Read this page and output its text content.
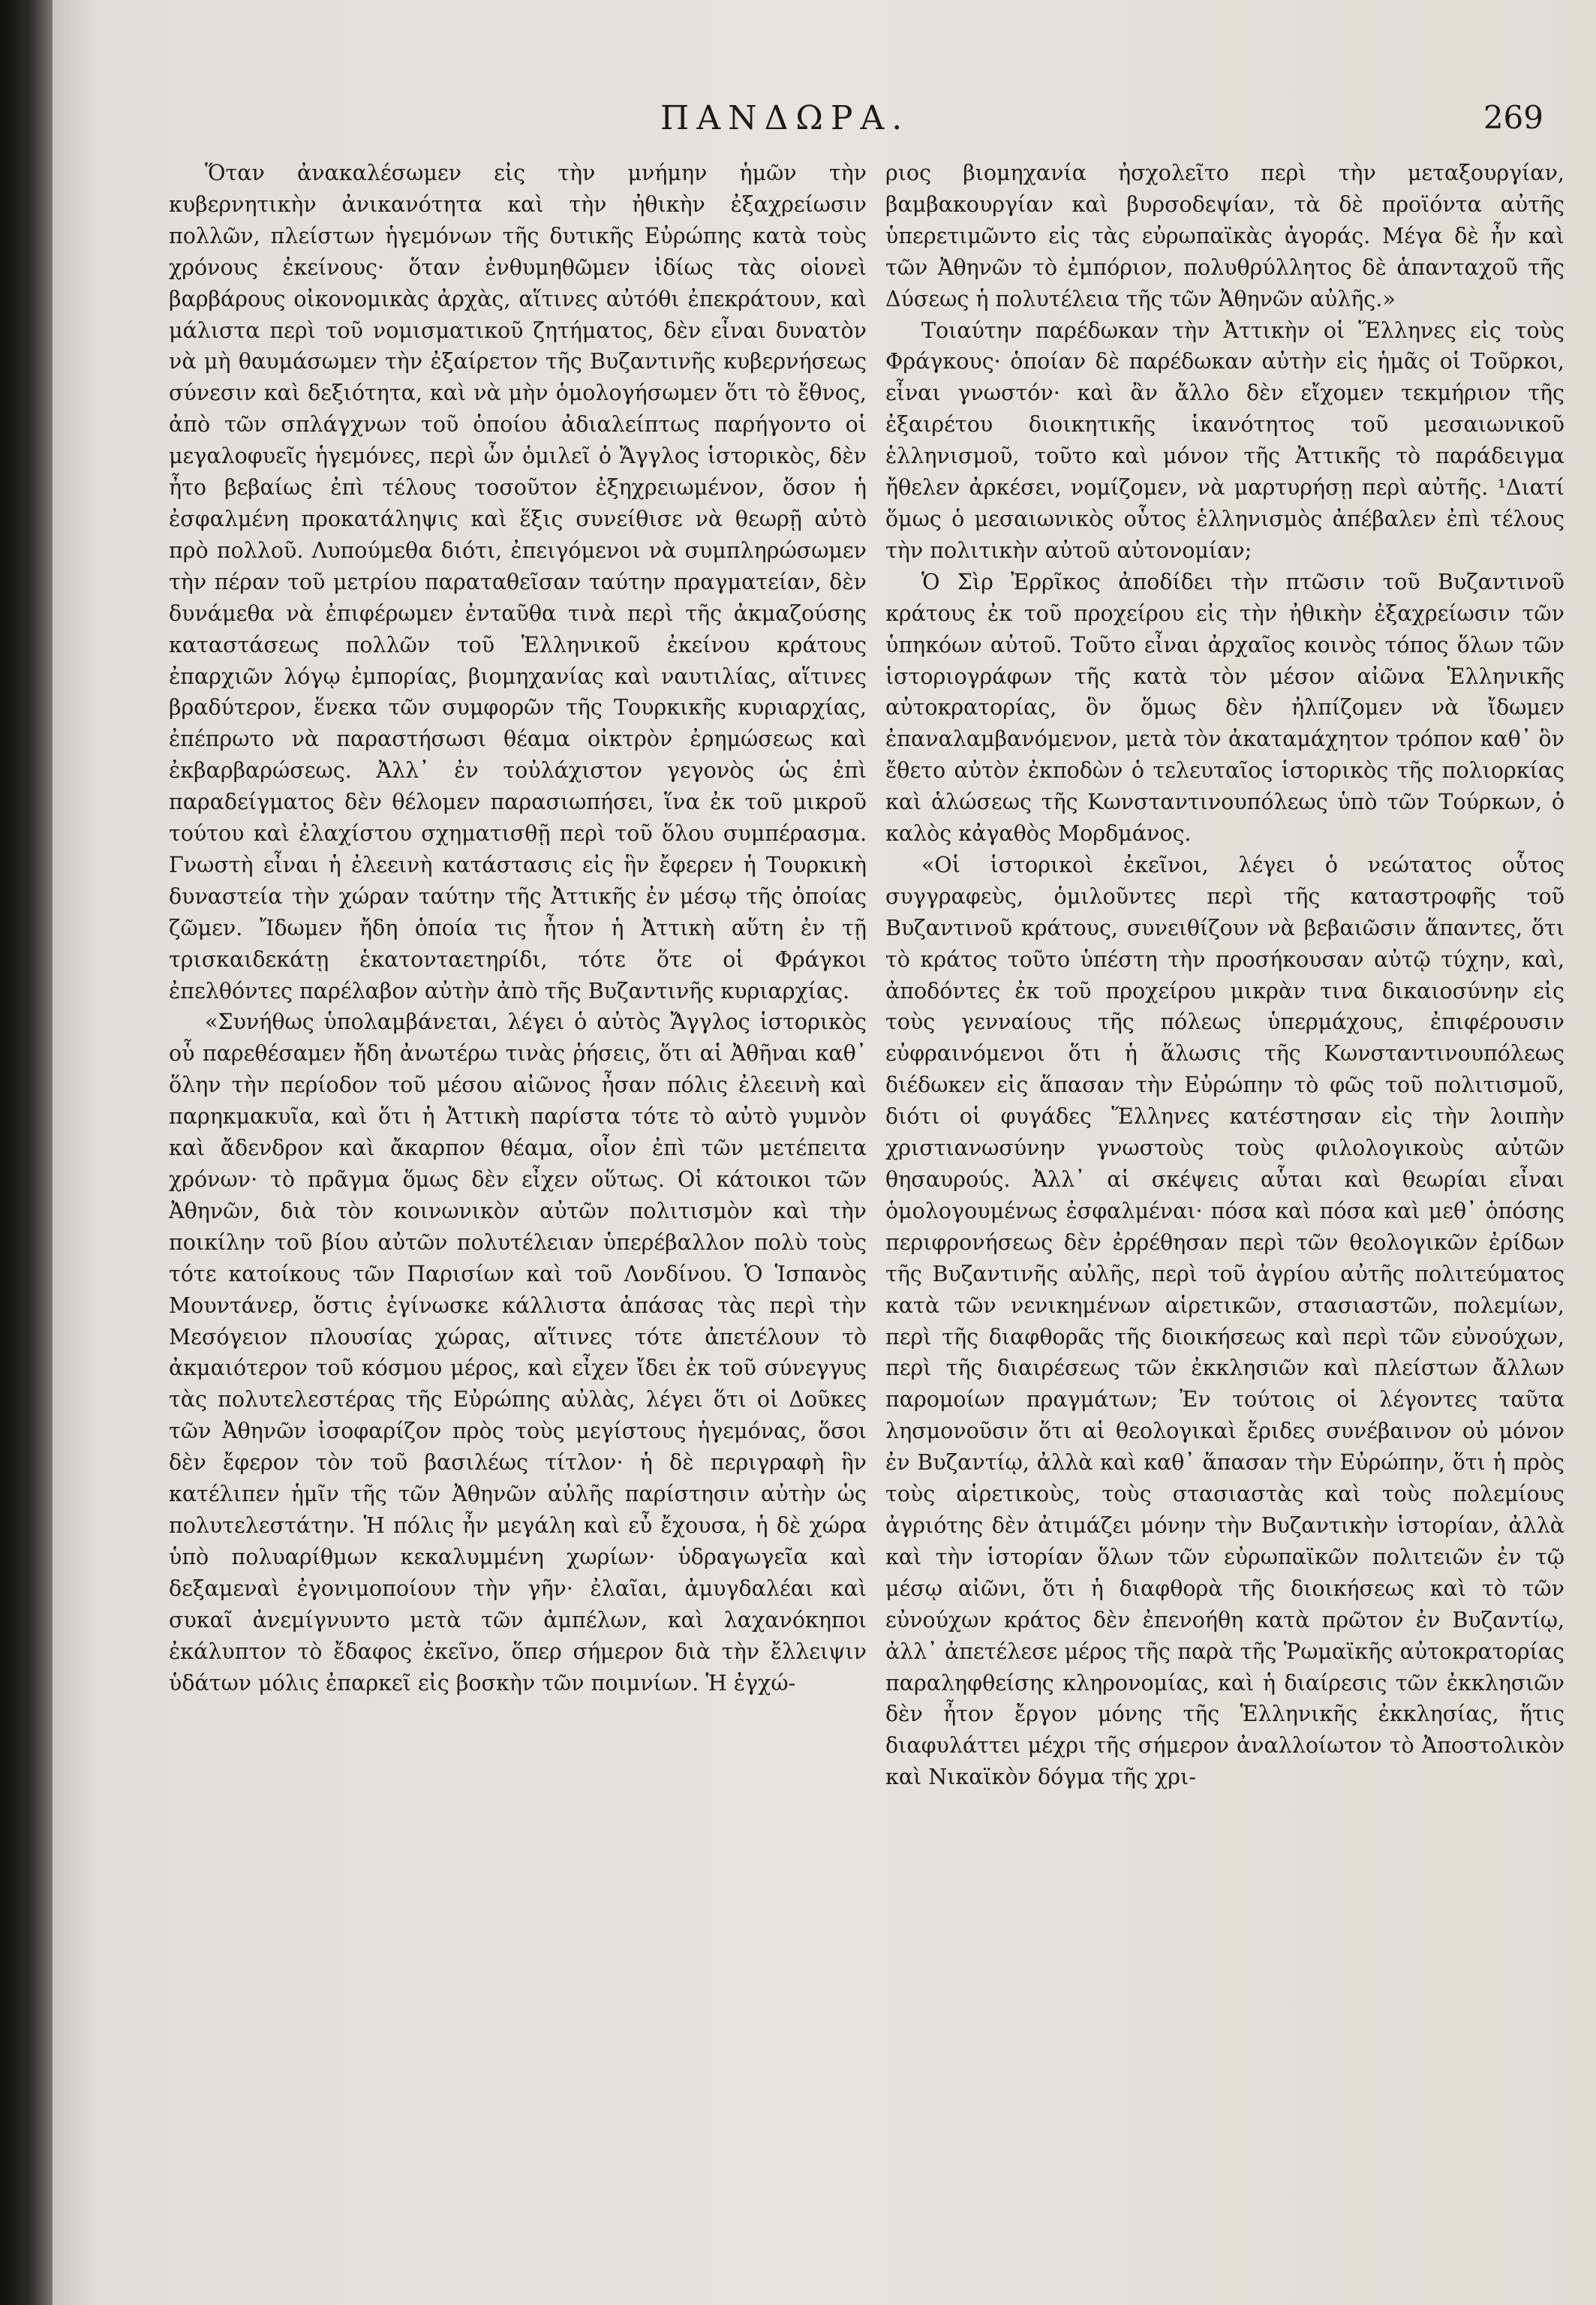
ΠΑΝΔΩΡΑ.	269

Ὅταν ἀνακαλέσωμεν εἰς τὴν μνήμην ἡμῶν τὴν κυβερνητικὴν ἀνικανότητα καὶ τὴν ἠθικὴν ἐξαχρείωσιν πολλῶν, πλείστων ἡγεμόνων τῆς δυτικῆς Εὐρώπης κατὰ τοὺς χρόνους ἐκείνους· ὅταν ἐνθυμηθῶμεν ἰδίως τὰς οἱονεὶ βαρβάρους οἰκονομικὰς ἀρχὰς, αἵτινες αὐτόθι ἐπεκράτουν, καὶ μάλιστα περὶ τοῦ νομισματικοῦ ζητήματος, δὲν εἶναι δυνατὸν νὰ μὴ θαυμάσωμεν τὴν ἐξαίρετον τῆς Βυζαντινῆς κυβερνήσεως σύνεσιν καὶ δεξιότητα, καὶ νὰ μὴν ὁμολογήσωμεν ὅτι τὸ ἔθνος, ἀπὸ τῶν σπλάγχνων τοῦ ὁποίου ἀδιαλείπτως παρήγοντο οἱ μεγαλοφυεῖς ἡγεμόνες, περὶ ὧν ὁμιλεῖ ὁ Ἄγγλος ἱστορικὸς, δὲν ἦτο βεβαίως ἐπὶ τέλους τοσοῦτον ἐξηχρειωμένον, ὅσον ἡ ἐσφαλμένη προκατάληψις καὶ ἕξις συνείθισε νὰ θεωρῇ αὐτὸ πρὸ πολλοῦ. Λυπούμεθα διότι, ἐπειγόμενοι νὰ συμπληρώσωμεν τὴν πέραν τοῦ μετρίου παραταθεῖσαν ταύτην πραγματείαν, δὲν δυνάμεθα νὰ ἐπιφέρωμεν ἐνταῦθα τινὰ περὶ τῆς ἀκμαζούσης καταστάσεως πολλῶν τοῦ Ἑλληνικοῦ ἐκείνου κράτους ἐπαρχιῶν λόγῳ ἐμπορίας, βιομηχανίας καὶ ναυτιλίας, αἵτινες βραδύτερον, ἕνεκα τῶν συμφορῶν τῆς Τουρκικῆς κυριαρχίας, ἐπέπρωτο νὰ παραστήσωσι θέαμα οἰκτρὸν ἐρημώσεως καὶ ἐκβαρβαρώσεως. Ἀλλ᾽ ἐν τοὐλάχιστον γεγονὸς ὡς ἐπὶ παραδείγματος δὲν θέλομεν παρασιωπήσει, ἵνα ἐκ τοῦ μικροῦ τούτου καὶ ἐλαχίστου σχηματισθῇ περὶ τοῦ ὅλου συμπέρασμα. Γνωστὴ εἶναι ἡ ἐλεεινὴ κατάστασις εἰς ἣν ἔφερεν ἡ Τουρκικὴ δυναστεία τὴν χώραν ταύτην τῆς Ἀττικῆς ἐν μέσῳ τῆς ὁποίας ζῶμεν. Ἴδωμεν ἤδη ὁποία τις ἦτον ἡ Ἀττικὴ αὕτη ἐν τῇ τρισκαιδεκάτῃ ἑκατονταετηρίδι, τότε ὅτε οἱ Φράγκοι ἐπελθόντες παρέλαβον αὐτὴν ἀπὸ τῆς Βυζαντινῆς κυριαρχίας.

«Συνήθως ὑπολαμβάνεται, λέγει ὁ αὐτὸς Ἄγγλος ἱστορικὸς οὗ παρεθέσαμεν ἤδη ἀνωτέρω τινὰς ῥήσεις, ὅτι αἱ Ἀθῆναι καθ᾽ ὅλην τὴν περίοδον τοῦ μέσου αἰῶνος ἦσαν πόλις ἐλεεινὴ καὶ παρηκμακυῖα, καὶ ὅτι ἡ Ἀττικὴ παρίστα τότε τὸ αὐτὸ γυμνὸν καὶ ἄδενδρον καὶ ἄκαρπον θέαμα, οἷον ἐπὶ τῶν μετέπειτα χρόνων· τὸ πρᾶγμα ὅμως δὲν εἶχεν οὕτως. Οἱ κάτοικοι τῶν Ἀθηνῶν, διὰ τὸν κοινωνικὸν αὐτῶν πολιτισμὸν καὶ τὴν ποικίλην τοῦ βίου αὐτῶν πολυτέλειαν ὑπερέβαλλον πολὺ τοὺς τότε κατοίκους τῶν Παρισίων καὶ τοῦ Λονδίνου. Ὁ Ἱσπανὸς Μουντάνερ, ὅστις ἐγίνωσκε κάλλιστα ἁπάσας τὰς περὶ τὴν Μεσόγειον πλουσίας χώρας, αἵτινες τότε ἀπετέλουν τὸ ἀκμαιότερον τοῦ κόσμου μέρος, καὶ εἶχεν ἴδει ἐκ τοῦ σύνεγγυς τὰς πολυτελεστέρας τῆς Εὐρώπης αὐλὰς, λέγει ὅτι οἱ Δοῦκες τῶν Ἀθηνῶν ἰσοφαρίζον πρὸς τοὺς μεγίστους ἡγεμόνας, ὅσοι δὲν ἔφερον τὸν τοῦ βασιλέως τίτλον· ἡ δὲ περιγραφὴ ἣν κατέλιπεν ἡμῖν τῆς τῶν Ἀθηνῶν αὐλῆς παρίστησιν αὐτὴν ὡς πολυτελεστάτην. Ἡ πόλις ἦν μεγάλη καὶ εὖ ἔχουσα, ἡ δὲ χώρα ὑπὸ πολυαρίθμων κεκαλυμμένη χωρίων· ὑδραγωγεῖα καὶ δεξαμεναὶ ἐγονιμοποίουν τὴν γῆν· ἐλαῖαι, ἀμυγδαλέαι καὶ συκαῖ ἀνεμίγνυντο μετὰ τῶν ἀμπέλων, καὶ λαχανόκηποι ἐκάλυπτον τὸ ἔδαφος ἐκεῖνο, ὅπερ σήμερον διὰ τὴν ἔλλειψιν ὑδάτων μόλις ἐπαρκεῖ εἰς βοσκὴν τῶν ποιμνίων. Ἡ ἐγχώ-

ριος βιομηχανία ἠσχολεῖτο περὶ τὴν μεταξουργίαν, βαμβακουργίαν καὶ βυρσοδεψίαν, τὰ δὲ προϊόντα αὐτῆς ὑπερετιμῶντο εἰς τὰς εὐρωπαϊκὰς ἀγοράς. Μέγα δὲ ἦν καὶ τῶν Ἀθηνῶν τὸ ἐμπόριον, πολυθρύλλητος δὲ ἁπανταχοῦ τῆς Δύσεως ἡ πολυτέλεια τῆς τῶν Ἀθηνῶν αὐλῆς.»

Τοιαύτην παρέδωκαν τὴν Ἀττικὴν οἱ Ἕλληνες εἰς τοὺς Φράγκους· ὁποίαν δὲ παρέδωκαν αὐτὴν εἰς ἡμᾶς οἱ Τοῦρκοι, εἶναι γνωστόν· καὶ ἂν ἄλλο δὲν εἴχομεν τεκμήριον τῆς ἐξαιρέτου διοικητικῆς ἱκανότητος τοῦ μεσαιωνικοῦ ἑλληνισμοῦ, τοῦτο καὶ μόνον τῆς Ἀττικῆς τὸ παράδειγμα ἤθελεν ἀρκέσει, νομίζομεν, νὰ μαρτυρήσῃ περὶ αὐτῆς. ¹Διατί ὅμως ὁ μεσαιωνικὸς οὗτος ἑλληνισμὸς ἀπέβαλεν ἐπὶ τέλους τὴν πολιτικὴν αὐτοῦ αὐτονομίαν;

Ὁ Σὶρ Ἐρρῖκος ἀποδίδει τὴν πτῶσιν τοῦ Βυζαντινοῦ κράτους ἐκ τοῦ προχείρου εἰς τὴν ἠθικὴν ἐξαχρείωσιν τῶν ὑπηκόων αὐτοῦ. Τοῦτο εἶναι ἀρχαῖος κοινὸς τόπος ὅλων τῶν ἱστοριογράφων τῆς κατὰ τὸν μέσον αἰῶνα Ἑλληνικῆς αὐτοκρατορίας, ὃν ὅμως δὲν ἠλπίζομεν νὰ ἴδωμεν ἐπαναλαμβανόμενον, μετὰ τὸν ἀκαταμάχητον τρόπον καθ᾽ ὃν ἔθετο αὐτὸν ἐκποδὼν ὁ τελευταῖος ἱστορικὸς τῆς πολιορκίας καὶ ἁλώσεως τῆς Κωνσταντινουπόλεως ὑπὸ τῶν Τούρκων, ὁ καλὸς κἀγαθὸς Μορδμάνος.

«Οἱ ἱστορικοὶ ἐκεῖνοι, λέγει ὁ νεώτατος οὗτος συγγραφεὺς, ὁμιλοῦντες περὶ τῆς καταστροφῆς τοῦ Βυζαντινοῦ κράτους, συνειθίζουν νὰ βεβαιῶσιν ἅπαντες, ὅτι τὸ κράτος τοῦτο ὑπέστη τὴν προσήκουσαν αὐτῷ τύχην, καὶ, ἀποδόντες ἐκ τοῦ προχείρου μικρὰν τινα δικαιοσύνην εἰς τοὺς γενναίους τῆς πόλεως ὑπερμάχους, ἐπιφέρουσιν εὐφραινόμενοι ὅτι ἡ ἅλωσις τῆς Κωνσταντινουπόλεως διέδωκεν εἰς ἅπασαν τὴν Εὐρώπην τὸ φῶς τοῦ πολιτισμοῦ, διότι οἱ φυγάδες Ἕλληνες κατέστησαν εἰς τὴν λοιπὴν χριστιανωσύνην γνωστοὺς τοὺς φιλολογικοὺς αὐτῶν θησαυρούς. Ἀλλ᾽ αἱ σκέψεις αὗται καὶ θεωρίαι εἶναι ὁμολογουμένως ἐσφαλμέναι· πόσα καὶ πόσα καὶ μεθ᾽ ὁπόσης περιφρονήσεως δὲν ἐρρέθησαν περὶ τῶν θεολογικῶν ἐρίδων τῆς Βυζαντινῆς αὐλῆς, περὶ τοῦ ἀγρίου αὐτῆς πολιτεύματος κατὰ τῶν νενικημένων αἱρετικῶν, στασιαστῶν, πολεμίων, περὶ τῆς διαφθορᾶς τῆς διοικήσεως καὶ περὶ τῶν εὐνούχων, περὶ τῆς διαιρέσεως τῶν ἐκκλησιῶν καὶ πλείστων ἄλλων παρομοίων πραγμάτων; Ἐν τούτοις οἱ λέγοντες ταῦτα λησμονοῦσιν ὅτι αἱ θεολογικαὶ ἔριδες συνέβαινον οὐ μόνον ἐν Βυζαντίῳ, ἀλλὰ καὶ καθ᾽ ἅπασαν τὴν Εὐρώπην, ὅτι ἡ πρὸς τοὺς αἱρετικοὺς, τοὺς στασιαστὰς καὶ τοὺς πολεμίους ἀγριότης δὲν ἀτιμάζει μόνην τὴν Βυζαντικὴν ἱστορίαν, ἀλλὰ καὶ τὴν ἱστορίαν ὅλων τῶν εὐρωπαϊκῶν πολιτειῶν ἐν τῷ μέσῳ αἰῶνι, ὅτι ἡ διαφθορὰ τῆς διοικήσεως καὶ τὸ τῶν εὐνούχων κράτος δὲν ἐπενοήθη κατὰ πρῶτον ἐν Βυζαντίῳ, ἀλλ᾽ ἀπετέλεσε μέρος τῆς παρὰ τῆς Ῥωμαϊκῆς αὐτοκρατορίας παραληφθείσης κληρονομίας, καὶ ἡ διαίρεσις τῶν ἐκκλησιῶν δὲν ἦτον ἔργον μόνης τῆς Ἑλληνικῆς ἐκκλησίας, ἥτις διαφυλάττει μέχρι τῆς σήμερον ἀναλλοίωτον τὸ Ἀποστολικὸν καὶ Νικαϊκὸν δόγμα τῆς χρι-
